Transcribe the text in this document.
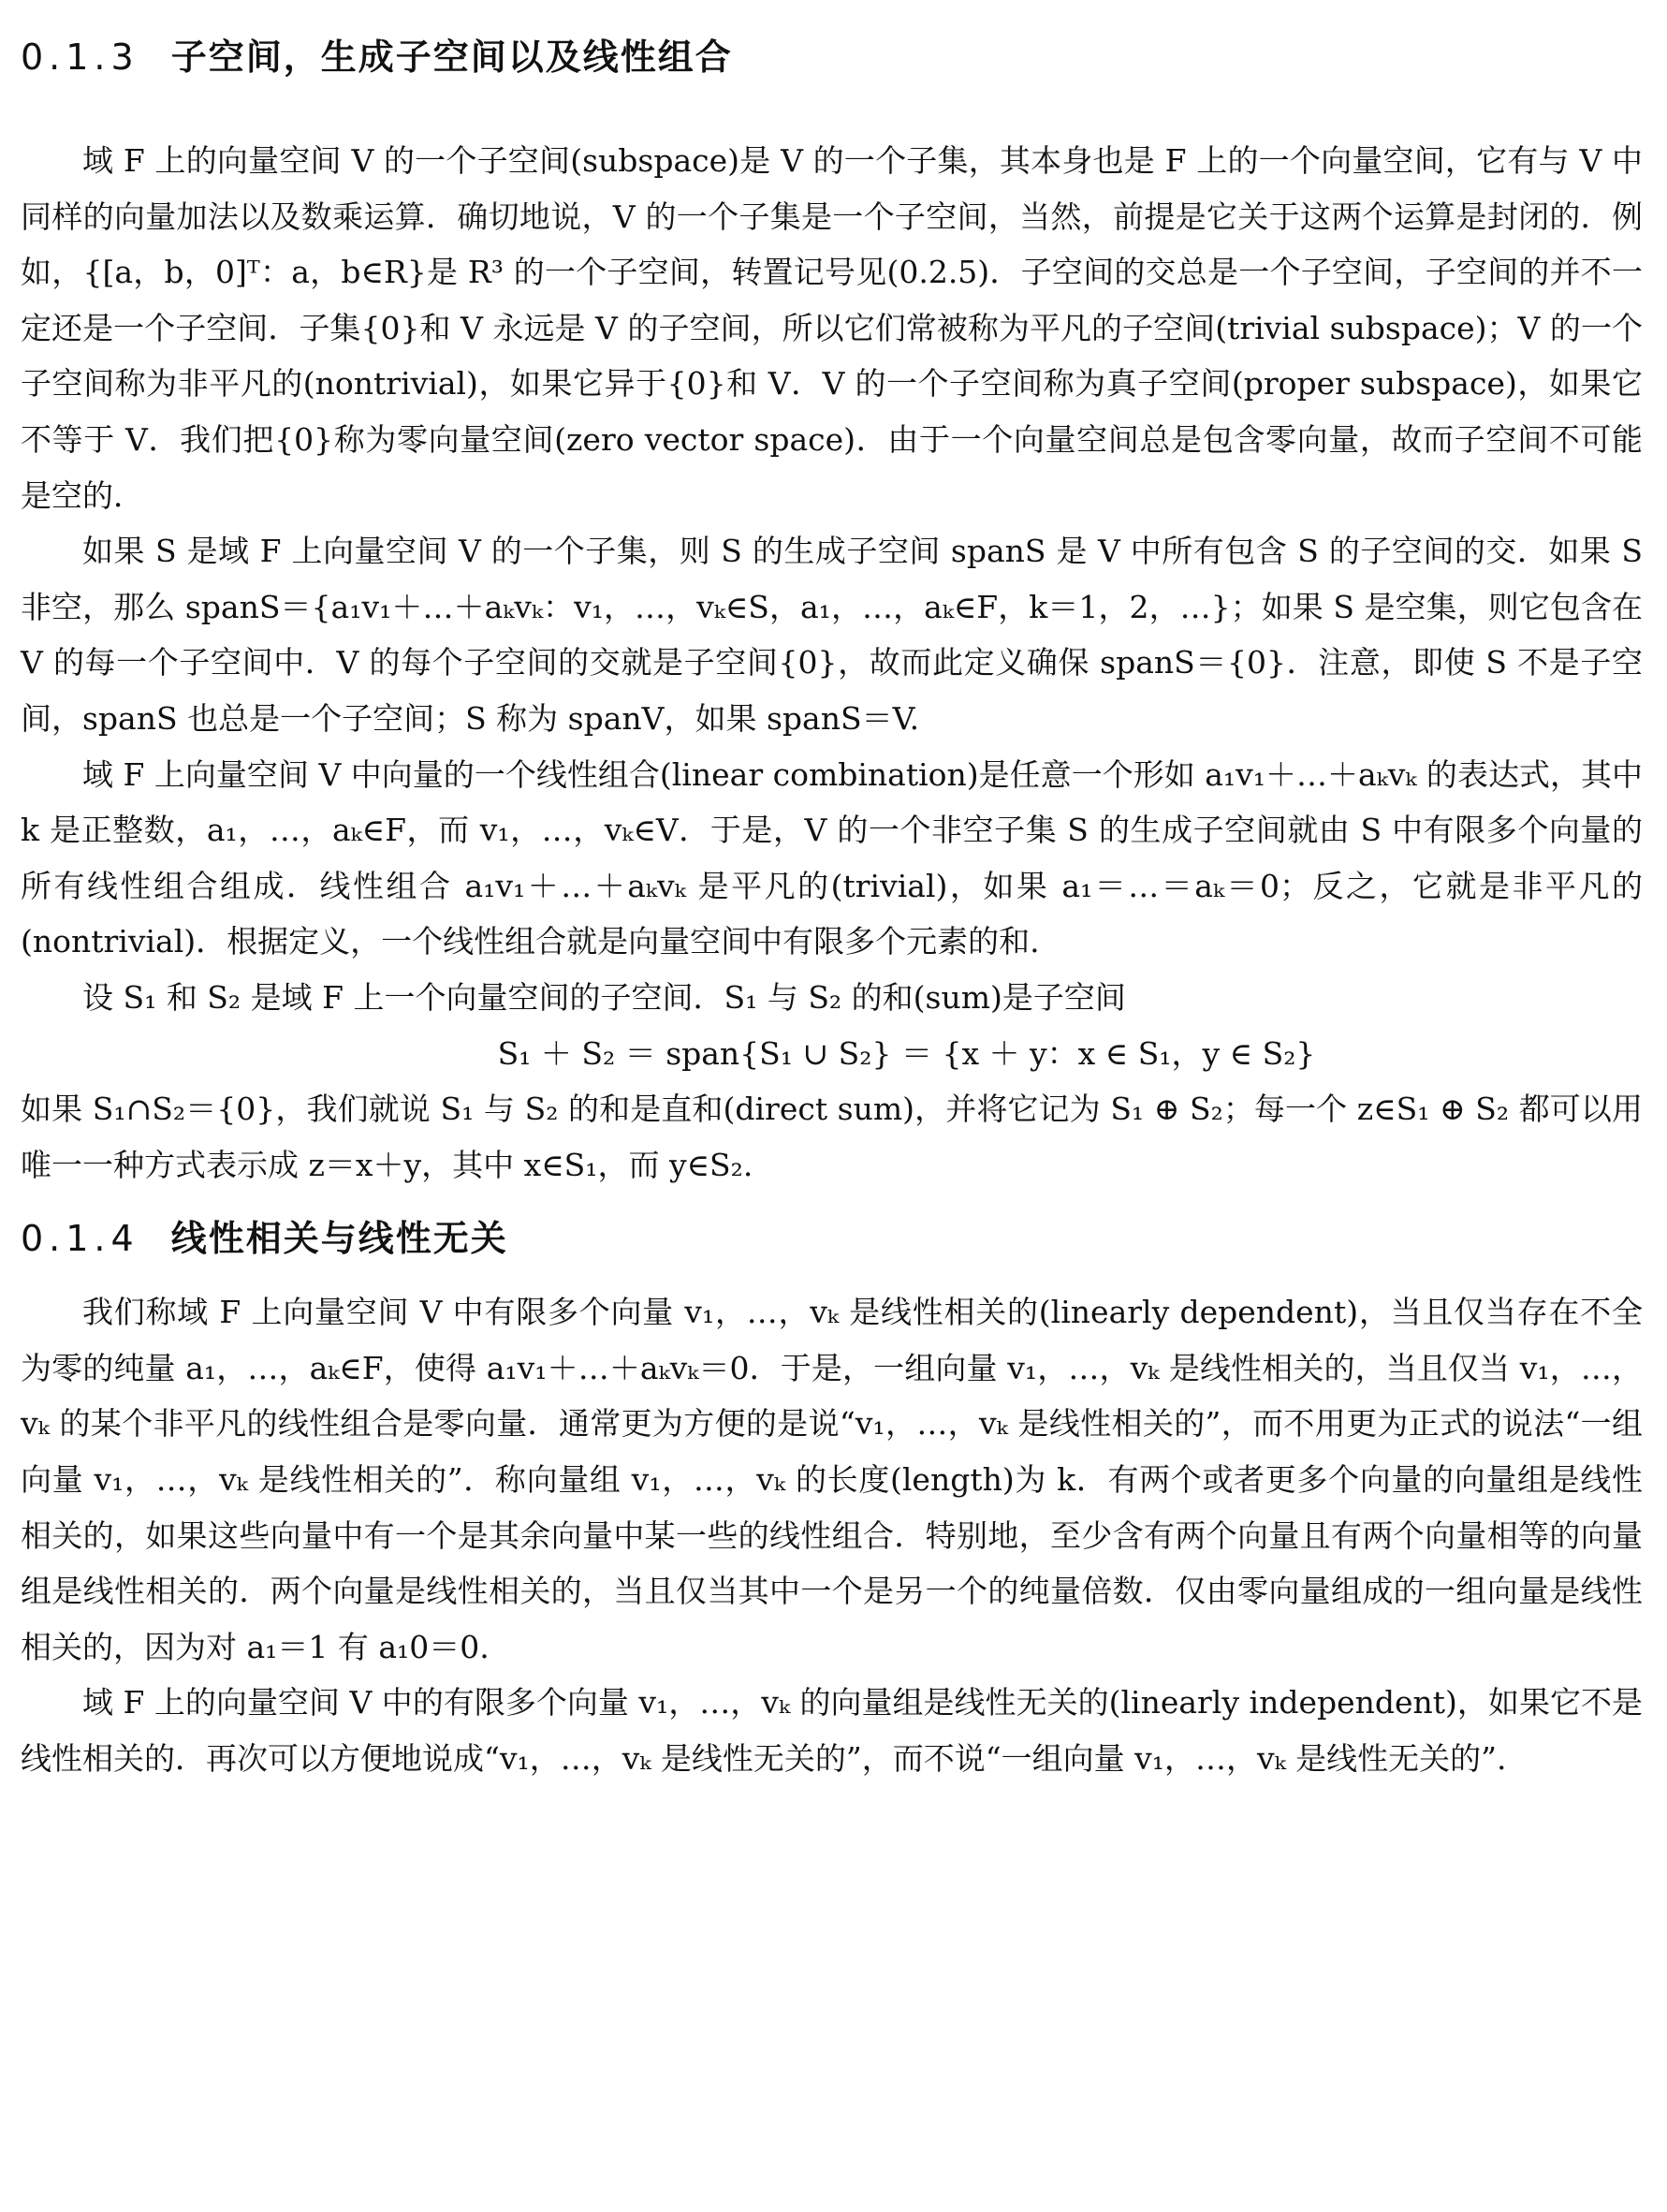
0.1.3 子空间，生成子空间以及线性组合

域 F 上的向量空间 V 的一个子空间(subspace)是 V 的一个子集，其本身也是 F 上的一个向量空间，它有与 V 中同样的向量加法以及数乘运算．确切地说，V 的一个子集是一个子空间，当然，前提是它关于这两个运算是封闭的．例如，{[a，b，0]ᵀ：a，b∈R}是 R³ 的一个子空间，转置记号见(0.2.5)．子空间的交总是一个子空间，子空间的并不一定还是一个子空间．子集{0}和 V 永远是 V 的子空间，所以它们常被称为平凡的子空间(trivial subspace)；V 的一个子空间称为非平凡的(nontrivial)，如果它异于{0}和 V．V 的一个子空间称为真子空间(proper subspace)，如果它不等于 V．我们把{0}称为零向量空间(zero vector space)．由于一个向量空间总是包含零向量，故而子空间不可能是空的．

如果 S 是域 F 上向量空间 V 的一个子集，则 S 的生成子空间 spanS 是 V 中所有包含 S 的子空间的交．如果 S 非空，那么 spanS＝{a₁v₁＋…＋aₖvₖ：v₁，…，vₖ∈S，a₁，…，aₖ∈F，k＝1，2，…}；如果 S 是空集，则它包含在 V 的每一个子空间中．V 的每个子空间的交就是子空间{0}，故而此定义确保 spanS＝{0}．注意，即使 S 不是子空间，spanS 也总是一个子空间；S 称为 spanV，如果 spanS＝V.

域 F 上向量空间 V 中向量的一个线性组合(linear combination)是任意一个形如 a₁v₁＋…＋aₖvₖ 的表达式，其中 k 是正整数，a₁，…，aₖ∈F，而 v₁，…，vₖ∈V．于是，V 的一个非空子集 S 的生成子空间就由 S 中有限多个向量的所有线性组合组成．线性组合 a₁v₁＋…＋aₖvₖ 是平凡的(trivial)，如果 a₁＝…＝aₖ＝0；反之，它就是非平凡的(nontrivial)．根据定义，一个线性组合就是向量空间中有限多个元素的和.

设 S₁ 和 S₂ 是域 F 上一个向量空间的子空间．S₁ 与 S₂ 的和(sum)是子空间

S₁ ＋ S₂ ＝ span{S₁ ∪ S₂} ＝ {x ＋ y：x ∈ S₁，y ∈ S₂}

如果 S₁∩S₂＝{0}，我们就说 S₁ 与 S₂ 的和是直和(direct sum)，并将它记为 S₁ ⊕ S₂；每一个 z∈S₁ ⊕ S₂ 都可以用唯一一种方式表示成 z＝x＋y，其中 x∈S₁，而 y∈S₂.

0.1.4 线性相关与线性无关

我们称域 F 上向量空间 V 中有限多个向量 v₁，…，vₖ 是线性相关的(linearly dependent)，当且仅当存在不全为零的纯量 a₁，…，aₖ∈F，使得 a₁v₁＋…＋aₖvₖ＝0．于是，一组向量 v₁，…，vₖ 是线性相关的，当且仅当 v₁，…，vₖ 的某个非平凡的线性组合是零向量．通常更为方便的是说“v₁，…，vₖ 是线性相关的”，而不用更为正式的说法“一组向量 v₁，…，vₖ 是线性相关的”．称向量组 v₁，…，vₖ 的长度(length)为 k．有两个或者更多个向量的向量组是线性相关的，如果这些向量中有一个是其余向量中某一些的线性组合．特别地，至少含有两个向量且有两个向量相等的向量组是线性相关的．两个向量是线性相关的，当且仅当其中一个是另一个的纯量倍数．仅由零向量组成的一组向量是线性相关的，因为对 a₁＝1 有 a₁0＝0.

域 F 上的向量空间 V 中的有限多个向量 v₁，…，vₖ 的向量组是线性无关的(linearly independent)，如果它不是线性相关的．再次可以方便地说成“v₁，…，vₖ 是线性无关的”，而不说“一组向量 v₁，…，vₖ 是线性无关的”.
